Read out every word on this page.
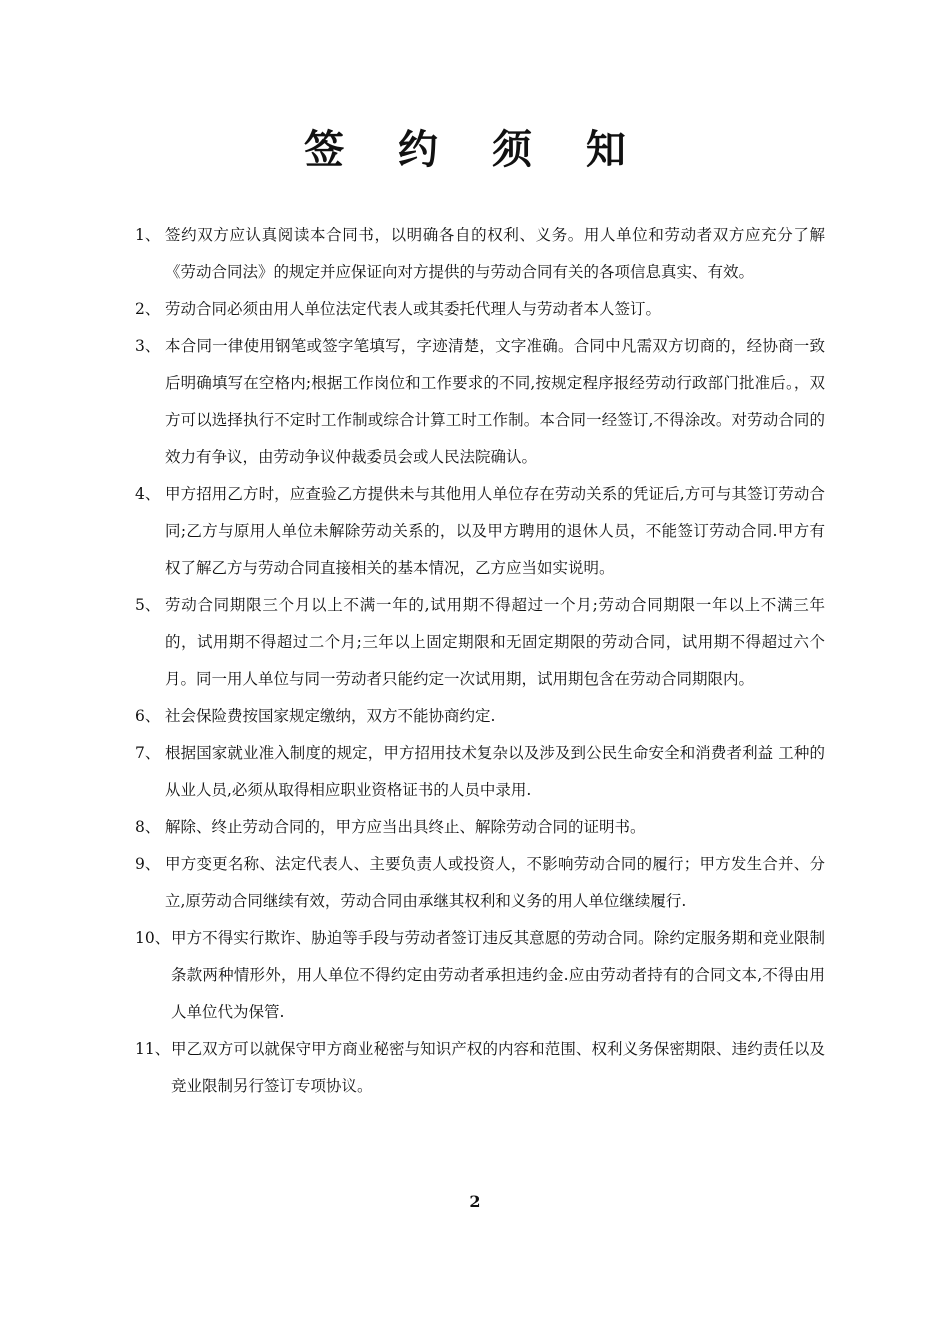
签 约 须 知
1、 签约双方应认真阅读本合同书，以明确各自的权利、义务。用人单位和劳动者双方应充分了解《劳动合同法》的规定并应保证向对方提供的与劳动合同有关的各项信息真实、有效。
2、 劳动合同必须由用人单位法定代表人或其委托代理人与劳动者本人签订。
3、 本合同一律使用钢笔或签字笔填写，字迹清楚，文字准确。合同中凡需双方切商的，经协商一致后明确填写在空格内;根据工作岗位和工作要求的不同,按规定程序报经劳动行政部门批准后。，双方可以选择执行不定时工作制或综合计算工时工作制。本合同一经签订,不得涂改。对劳动合同的效力有争议，由劳动争议仲裁委员会或人民法院确认。
4、 甲方招用乙方时，应查验乙方提供未与其他用人单位存在劳动关系的凭证后,方可与其签订劳动合同;乙方与原用人单位未解除劳动关系的，以及甲方聘用的退休人员，不能签订劳动合同.甲方有权了解乙方与劳动合同直接相关的基本情况，乙方应当如实说明。
5、 劳动合同期限三个月以上不满一年的,试用期不得超过一个月;劳动合同期限一年以上不满三年的，试用期不得超过二个月;三年以上固定期限和无固定期限的劳动合同，试用期不得超过六个月。同一用人单位与同一劳动者只能约定一次试用期，试用期包含在劳动合同期限内。
6、 社会保险费按国家规定缴纳，双方不能协商约定.
7、 根据国家就业准入制度的规定，甲方招用技术复杂以及涉及到公民生命安全和消费者利益 工种的从业人员,必须从取得相应职业资格证书的人员中录用.
8、 解除、终止劳动合同的，甲方应当出具终止、解除劳动合同的证明书。
9、 甲方变更名称、法定代表人、主要负责人或投资人，不影响劳动合同的履行；甲方发生合并、分立,原劳动合同继续有效，劳动合同由承继其权利和义务的用人单位继续履行.
10、 甲方不得实行欺诈、胁迫等手段与劳动者签订违反其意愿的劳动合同。除约定服务期和竞业限制条款两种情形外，用人单位不得约定由劳动者承担违约金.应由劳动者持有的合同文本,不得由用人单位代为保管.
11、 甲乙双方可以就保守甲方商业秘密与知识产权的内容和范围、权利义务保密期限、违约责任以及竞业限制另行签订专项协议。
2
